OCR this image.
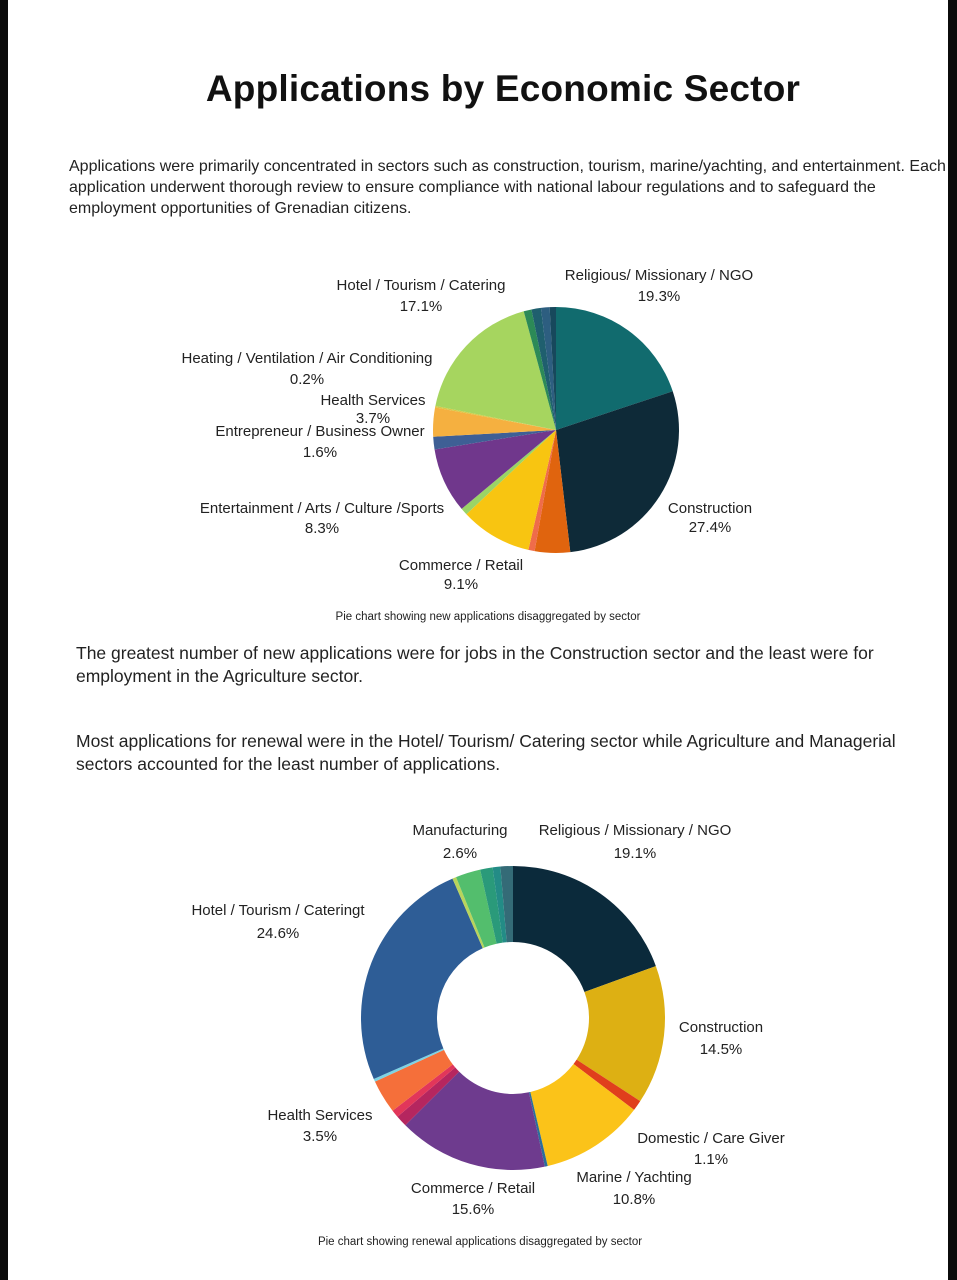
Applications by Economic Sector
Applications were primarily concentrated in sectors such as construction, tourism, marine/yachting, and entertainment. Each application underwent thorough review to ensure compliance with national labour regulations and to safeguard the employment opportunities of Grenadian citizens.
Religious/ Missionary / NGO
19.3%
Construction
27.4%
Commerce / Retail
9.1%
Entertainment / Arts / Culture /Sports
8.3%
Entrepreneur / Business Owner
1.6%
Health Services
3.7%
Heating / Ventilation / Air Conditioning
0.2%
Hotel / Tourism / Catering
17.1%
Pie chart showing new applications disaggregated by sector
The greatest number of new applications were for jobs in the Construction sector and the least were for employment in the Agriculture sector.
Most applications for renewal were in the Hotel/ Tourism/ Catering sector while Agriculture and Managerial sectors accounted for the least number of applications.
Religious / Missionary / NGO
19.1%
Construction
14.5%
Domestic / Care Giver
1.1%
Marine / Yachting
10.8%
Commerce / Retail
15.6%
Health Services
3.5%
Hotel / Tourism / Cateringt
24.6%
Manufacturing
2.6%
Pie chart showing renewal applications disaggregated by sector
